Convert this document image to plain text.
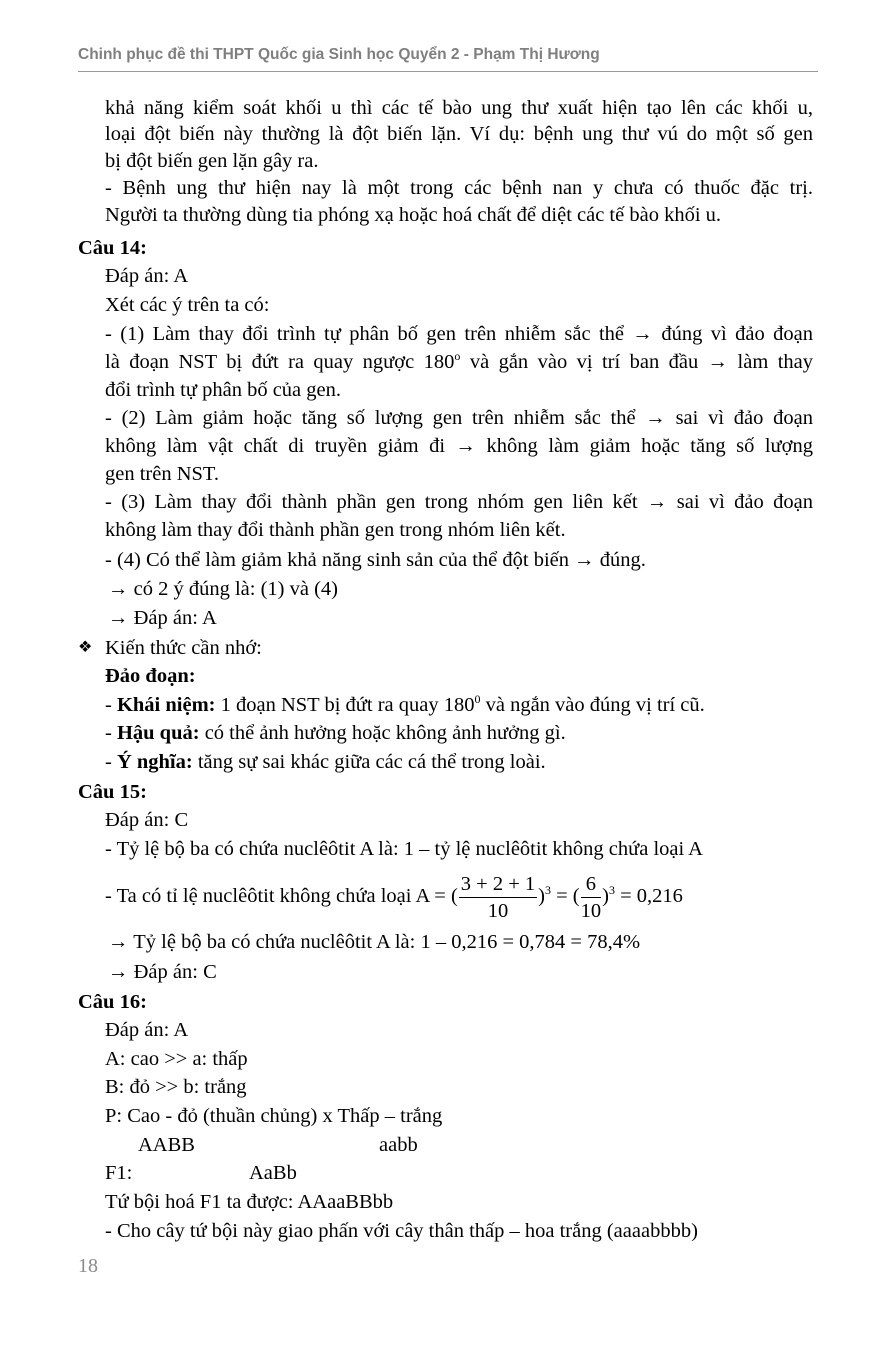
Chinh phục đề thi THPT Quốc gia Sinh học Quyển 2 - Phạm Thị Hương
khả năng kiểm soát khối u thì các tế bào ung thư xuất hiện tạo lên các khối u,
loại đột biến này thường là đột biến lặn. Ví dụ: bệnh ung thư vú do một số gen
bị đột biến gen lặn gây ra.
- Bệnh ung thư hiện nay là một trong các bệnh nan y chưa có thuốc đặc trị.
Người ta thường dùng tia phóng xạ hoặc hoá chất để diệt các tế bào khối u.
Câu 14:
Đáp án: A
Xét các ý trên ta có:
- (1) Làm thay đổi trình tự phân bố gen trên nhiễm sắc thể → đúng vì đảo đoạn
là đoạn NST bị đứt ra quay ngược 180$^o$ và gắn vào vị trí ban đầu → làm thay
đổi trình tự phân bố của gen.
- (2) Làm giảm hoặc tăng số lượng gen trên nhiễm sắc thể → sai vì đảo đoạn
không làm vật chất di truyền giảm đi → không làm giảm hoặc tăng số lượng
gen trên NST.
- (3) Làm thay đổi thành phần gen trong nhóm gen liên kết → sai vì đảo đoạn
không làm thay đổi thành phần gen trong nhóm liên kết.
- (4) Có thể làm giảm khả năng sinh sản của thể đột biến → đúng.
→ có 2 ý đúng là: (1) và (4)
→ Đáp án: A
❖ Kiến thức cần nhớ:
Đảo đoạn:
- Khái niệm: 1 đoạn NST bị đứt ra quay $180^0$ và ngắn vào đúng vị trí cũ.
- Hậu quả: có thể ảnh hưởng hoặc không ảnh hưởng gì.
- Ý nghĩa: tăng sự sai khác giữa các cá thể trong loài.
Câu 15:
Đáp án: C
- Tỷ lệ bộ ba có chứa nuclêôtit A là: 1 – tỷ lệ nuclêôtit không chứa loại A
- Ta có tỉ lệ nuclêôtit không chứa loại A = ( $\frac{3 + 2 + 1}{10} )^3$ = ( $\frac{6}{10} )^3 = 0,216$
→ Tỷ lệ bộ ba có chứa nuclêôtit A là: 1 – 0,216 = 0,784 = 78,4%
→ Đáp án: C
Câu 16:
Đáp án: A
A: cao >> a: thấp
B: đỏ >> b: trắng
P: Cao - đỏ (thuần chủng) x Thấp – trắng
AABB	aabb
F1:	AaBb
Tứ bội hoá F1 ta được: AAaaBBbb
- Cho cây tứ bội này giao phấn với cây thân thấp – hoa trắng (aaaabbbb)
18
